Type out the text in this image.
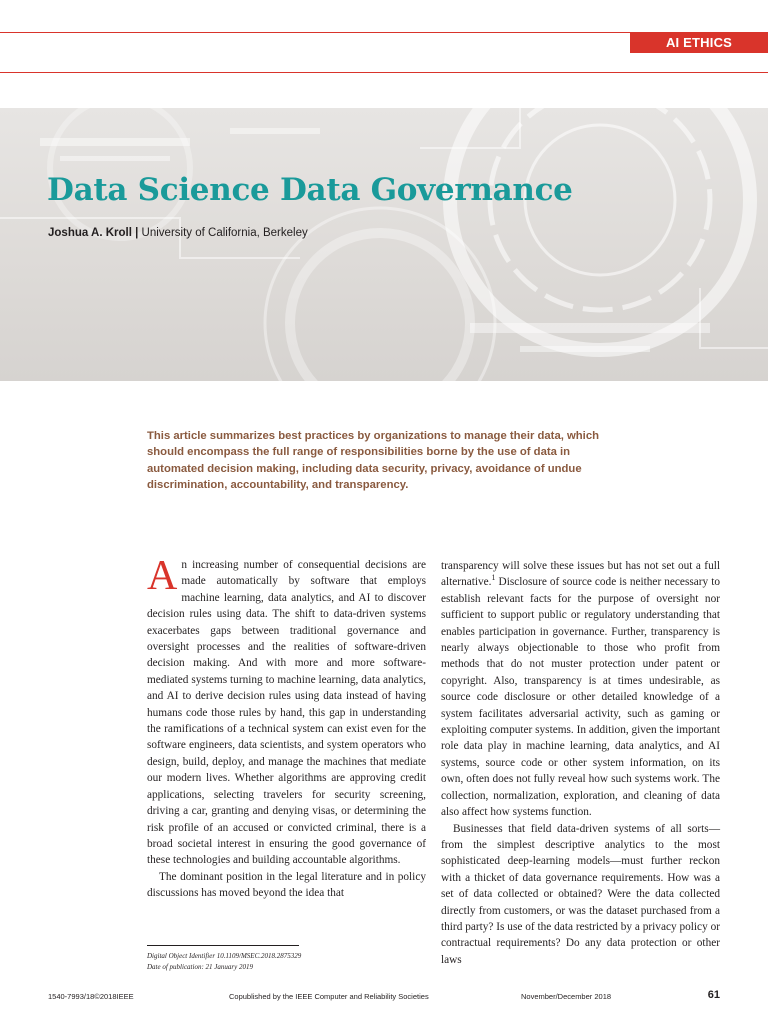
AI ETHICS
Data Science Data Governance
Joshua A. Kroll | University of California, Berkeley

This article summarizes best practices by organizations to manage their data, which should encompass the full range of responsibilities borne by the use of data in automated decision making, including data security, privacy, avoidance of undue discrimination, accountability, and transparency.

An increasing number of consequential decisions are made automatically by software that employs machine learning, data analytics, and AI to discover decision rules using data. The shift to data-driven systems exacerbates gaps between traditional governance and oversight processes and the realities of software-driven decision making. And with more and more software-mediated systems turning to machine learning, data analytics, and AI to derive decision rules using data instead of having humans code those rules by hand, this gap in understanding the ramifications of a technical system can exist even for the software engineers, data scientists, and system operators who design, build, deploy, and manage the machines that mediate our modern lives. Whether algorithms are approving credit applications, selecting travelers for security screening, driving a car, granting and denying visas, or determining the risk profile of an accused or convicted criminal, there is a broad societal interest in ensuring the good governance of these technologies and building accountable algorithms.

The dominant position in the legal literature and in policy discussions has moved beyond the idea that

transparency will solve these issues but has not set out a full alternative.$^1$ Disclosure of source code is neither necessary to establish relevant facts for the purpose of oversight nor sufficient to support public or regulatory understanding that enables participation in governance. Further, transparency is nearly always objectionable to those who profit from methods that do not muster protection under patent or copyright. Also, transparency is at times undesirable, as source code disclosure or other detailed knowledge of a system facilitates adversarial activity, such as gaming or exploiting computer systems. In addition, given the important role data play in machine learning, data analytics, and AI systems, source code or other system information, on its own, often does not fully reveal how such systems work. The collection, normalization, exploration, and cleaning of data also affect how systems function.

Businesses that field data-driven systems of all sorts—from the simplest descriptive analytics to the most sophisticated deep-learning models—must further reckon with a thicket of data governance requirements. How was a set of data collected or obtained? Were the data collected directly from customers, or was the dataset purchased from a third party? Is use of the data restricted by a privacy policy or contractual requirements? Do any data protection or other laws

Digital Object Identifier 10.1109/MSEC.2018.2875329
Date of publication: 21 January 2019
1540-7993/18©2018IEEE	Copublished by the IEEE Computer and Reliability Societies	November/December 2018	61
